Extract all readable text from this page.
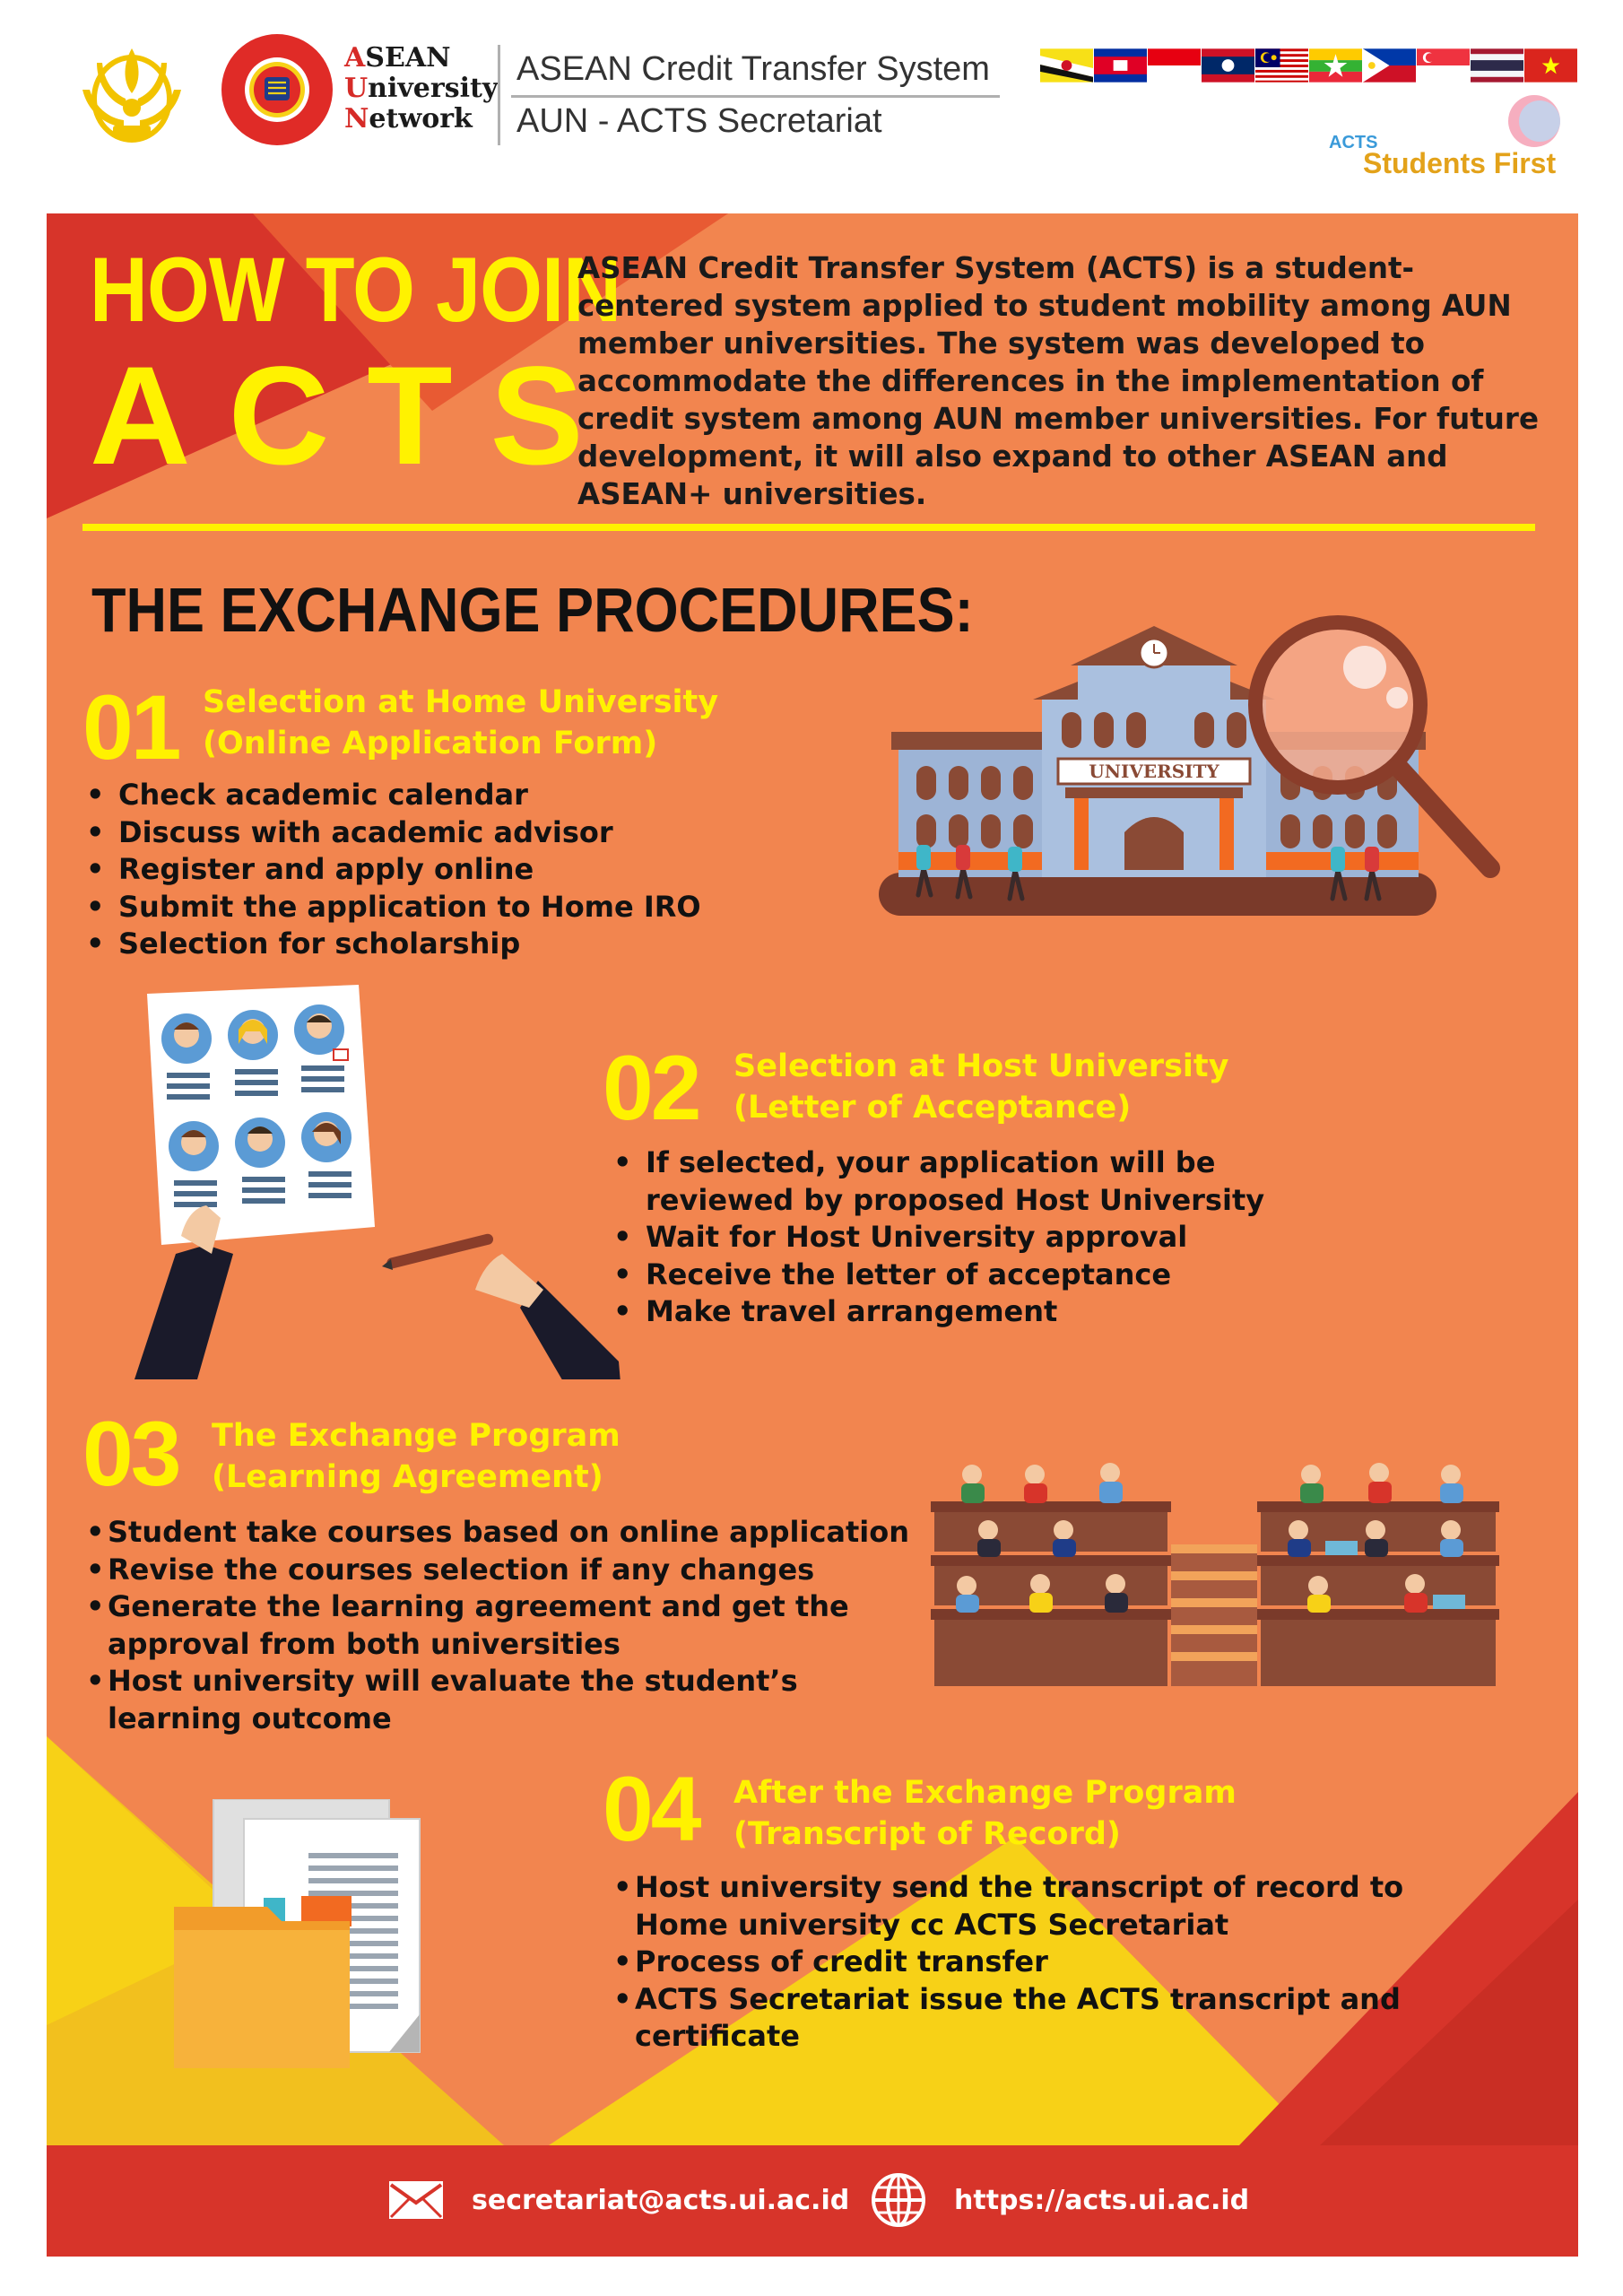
ASEAN
University
Network
ASEAN Credit Transfer System
AUN - ACTS Secretariat
ACTS
Students First
HOW TO JOIN
ACTS
ASEAN Credit Transfer System (ACTS) is a student-centered system applied to student mobility among AUN member universities. The system was developed to accommodate the differences in the implementation of credit system among AUN member universities. For future development, it will also expand to other ASEAN and ASEAN+ universities.
THE EXCHANGE PROCEDURES:
01 Selection at Home University
(Online Application Form)
• Check academic calendar
• Discuss with academic advisor
• Register and apply online
• Submit the application to Home IRO
• Selection for scholarship
UNIVERSITY
02 Selection at Host University
(Letter of Acceptance)
• If selected, your application will be reviewed by proposed Host University
• Wait for Host University approval
• Receive the letter of acceptance
• Make travel arrangement
03 The Exchange Program
(Learning Agreement)
• Student take courses based on online application
• Revise the courses selection if any changes
• Generate the learning agreement and get the approval from both universities
• Host university will evaluate the student’s learning outcome
04 After the Exchange Program
(Transcript of Record)
• Host university send the transcript of record to Home university cc ACTS Secretariat
• Process of credit transfer
• ACTS Secretariat issue the ACTS transcript and certificate
secretariat@acts.ui.ac.id	https://acts.ui.ac.id
